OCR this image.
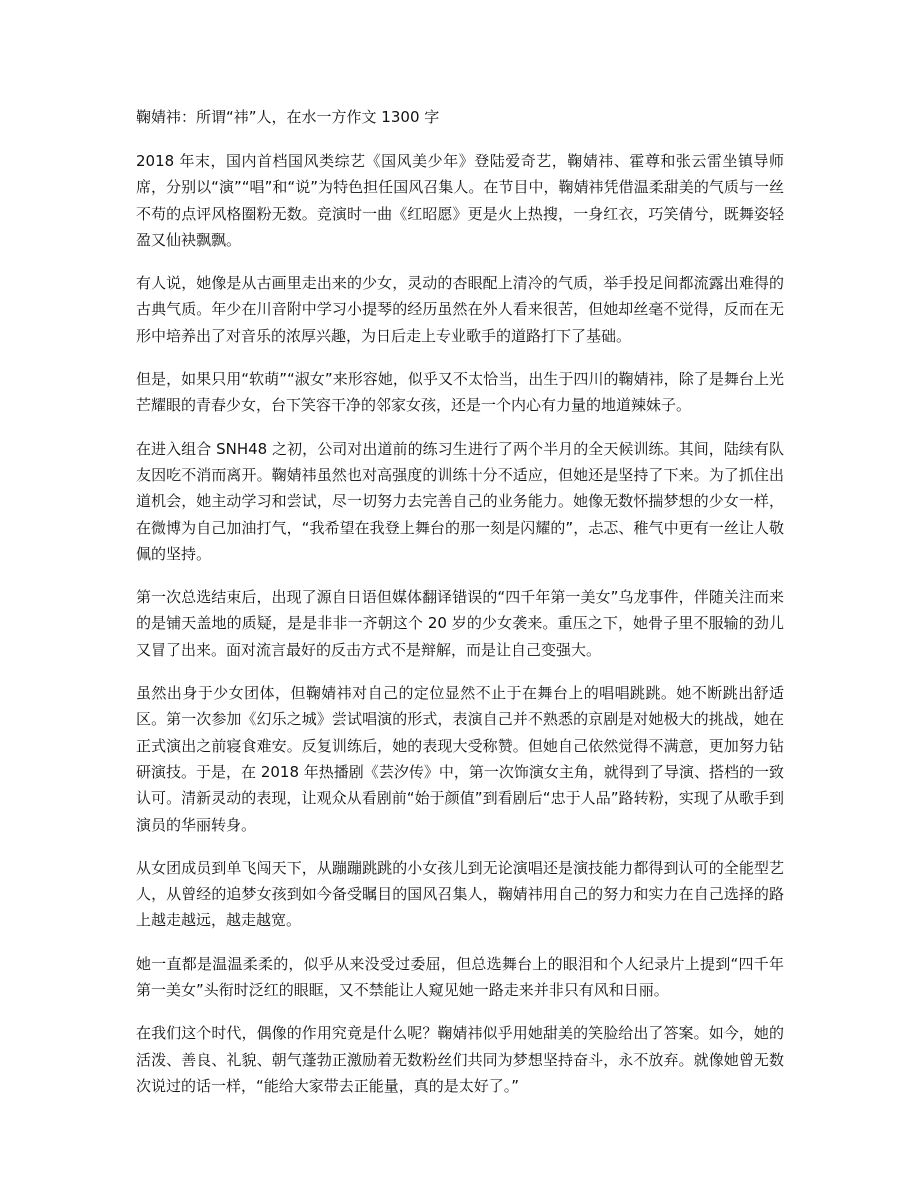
鞠婧祎：所谓“祎”人，在水一方作文 1300 字

2018 年末，国内首档国风类综艺《国风美少年》登陆爱奇艺，鞠婧祎、霍尊和张云雷坐镇导师席，分别以“演”“唱”和“说”为特色担任国风召集人。在节目中，鞠婧祎凭借温柔甜美的气质与一丝不苟的点评风格圈粉无数。竞演时一曲《红昭愿》更是火上热搜，一身红衣，巧笑倩兮，既舞姿轻盈又仙袂飘飘。

有人说，她像是从古画里走出来的少女，灵动的杏眼配上清冷的气质，举手投足间都流露出难得的古典气质。年少在川音附中学习小提琴的经历虽然在外人看来很苦，但她却丝毫不觉得，反而在无形中培养出了对音乐的浓厚兴趣，为日后走上专业歌手的道路打下了基础。

但是，如果只用“软萌”“淑女”来形容她，似乎又不太恰当，出生于四川的鞠婧祎，除了是舞台上光芒耀眼的青春少女，台下笑容干净的邻家女孩，还是一个内心有力量的地道辣妹子。

在进入组合 SNH48 之初，公司对出道前的练习生进行了两个半月的全天候训练。其间，陆续有队友因吃不消而离开。鞠婧祎虽然也对高强度的训练十分不适应，但她还是坚持了下来。为了抓住出道机会，她主动学习和尝试，尽一切努力去完善自己的业务能力。她像无数怀揣梦想的少女一样，在微博为自己加油打气，“我希望在我登上舞台的那一刻是闪耀的”，忐忑、稚气中更有一丝让人敬佩的坚持。

第一次总选结束后，出现了源自日语但媒体翻译错误的“四千年第一美女”乌龙事件，伴随关注而来的是铺天盖地的质疑，是是非非一齐朝这个 20 岁的少女袭来。重压之下，她骨子里不服输的劲儿又冒了出来。面对流言最好的反击方式不是辩解，而是让自己变强大。

虽然出身于少女团体，但鞠婧祎对自己的定位显然不止于在舞台上的唱唱跳跳。她不断跳出舒适区。第一次参加《幻乐之城》尝试唱演的形式，表演自己并不熟悉的京剧是对她极大的挑战，她在正式演出之前寝食难安。反复训练后，她的表现大受称赞。但她自己依然觉得不满意，更加努力钻研演技。于是，在 2018 年热播剧《芸汐传》中，第一次饰演女主角，就得到了导演、搭档的一致认可。清新灵动的表现，让观众从看剧前“始于颜值”到看剧后“忠于人品”路转粉，实现了从歌手到演员的华丽转身。

从女团成员到单飞闯天下，从蹦蹦跳跳的小女孩儿到无论演唱还是演技能力都得到认可的全能型艺人，从曾经的追梦女孩到如今备受瞩目的国风召集人，鞠婧祎用自己的努力和实力在自己选择的路上越走越远，越走越宽。

她一直都是温温柔柔的，似乎从来没受过委屈，但总选舞台上的眼泪和个人纪录片上提到“四千年第一美女”头衔时泛红的眼眶，又不禁能让人窥见她一路走来并非只有风和日丽。

在我们这个时代，偶像的作用究竟是什么呢？鞠婧祎似乎用她甜美的笑脸给出了答案。如今，她的活泼、善良、礼貌、朝气蓬勃正激励着无数粉丝们共同为梦想坚持奋斗，永不放弃。就像她曾无数次说过的话一样，“能给大家带去正能量，真的是太好了。”
